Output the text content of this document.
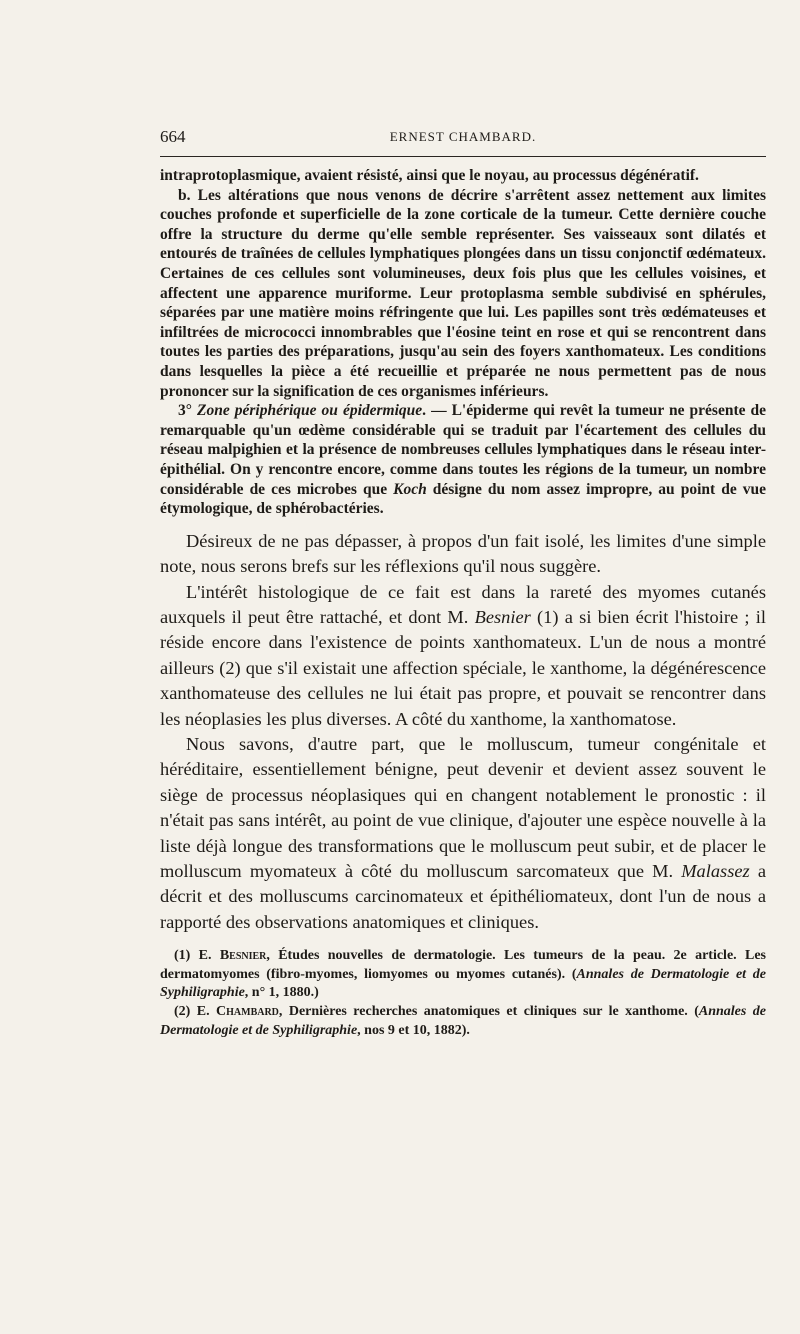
664	ERNEST CHAMBARD.

intraprotoplasmique, avaient résisté, ainsi que le noyau, au processus dégénératif.

b. Les altérations que nous venons de décrire s'arrêtent assez nettement aux limites couches profonde et superficielle de la zone corticale de la tumeur. Cette dernière couche offre la structure du derme qu'elle semble représenter. Ses vaisseaux sont dilatés et entourés de traînées de cellules lymphatiques plongées dans un tissu conjonctif œdémateux. Certaines de ces cellules sont volumineuses, deux fois plus que les cellules voisines, et affectent une apparence muriforme. Leur protoplasma semble subdivisé en sphérules, séparées par une matière moins réfringente que lui. Les papilles sont très œdémateuses et infiltrées de micrococci innombrables que l'éosine teint en rose et qui se rencontrent dans toutes les parties des préparations, jusqu'au sein des foyers xanthomateux. Les conditions dans lesquelles la pièce a été recueillie et préparée ne nous permettent pas de nous prononcer sur la signification de ces organismes inférieurs.

3° Zone périphérique ou épidermique. — L'épiderme qui revêt la tumeur ne présente de remarquable qu'un œdème considérable qui se traduit par l'écartement des cellules du réseau malpighien et la présence de nombreuses cellules lymphatiques dans le réseau inter-épithélial. On y rencontre encore, comme dans toutes les régions de la tumeur, un nombre considérable de ces microbes que Koch désigne du nom assez impropre, au point de vue étymologique, de sphérobactéries.

Désireux de ne pas dépasser, à propos d'un fait isolé, les limites d'une simple note, nous serons brefs sur les réflexions qu'il nous suggère.

L'intérêt histologique de ce fait est dans la rareté des myomes cutanés auxquels il peut être rattaché, et dont M. Besnier (1) a si bien écrit l'histoire ; il réside encore dans l'existence de points xanthomateux. L'un de nous a montré ailleurs (2) que s'il existait une affection spéciale, le xanthome, la dégénérescence xanthomateuse des cellules ne lui était pas propre, et pouvait se rencontrer dans les néoplasies les plus diverses. A côté du xanthome, la xanthomatose.

Nous savons, d'autre part, que le molluscum, tumeur congénitale et héréditaire, essentiellement bénigne, peut devenir et devient assez souvent le siège de processus néoplasiques qui en changent notablement le pronostic : il n'était pas sans intérêt, au point de vue clinique, d'ajouter une espèce nouvelle à la liste déjà longue des transformations que le molluscum peut subir, et de placer le molluscum myomateux à côté du molluscum sarcomateux que M. Malassez a décrit et des molluscums carcinomateux et épithéliomateux, dont l'un de nous a rapporté des observations anatomiques et cliniques.

(1) E. Besnier, Études nouvelles de dermatologie. Les tumeurs de la peau. 2e article. Les dermatomyomes (fibro-myomes, liomyomes ou myomes cutanés). (Annales de Dermatologie et de Syphiligraphie, n° 1, 1880.)

(2) E. Chambard, Dernières recherches anatomiques et cliniques sur le xanthome. (Annales de Dermatologie et de Syphiligraphie, nos 9 et 10, 1882).
